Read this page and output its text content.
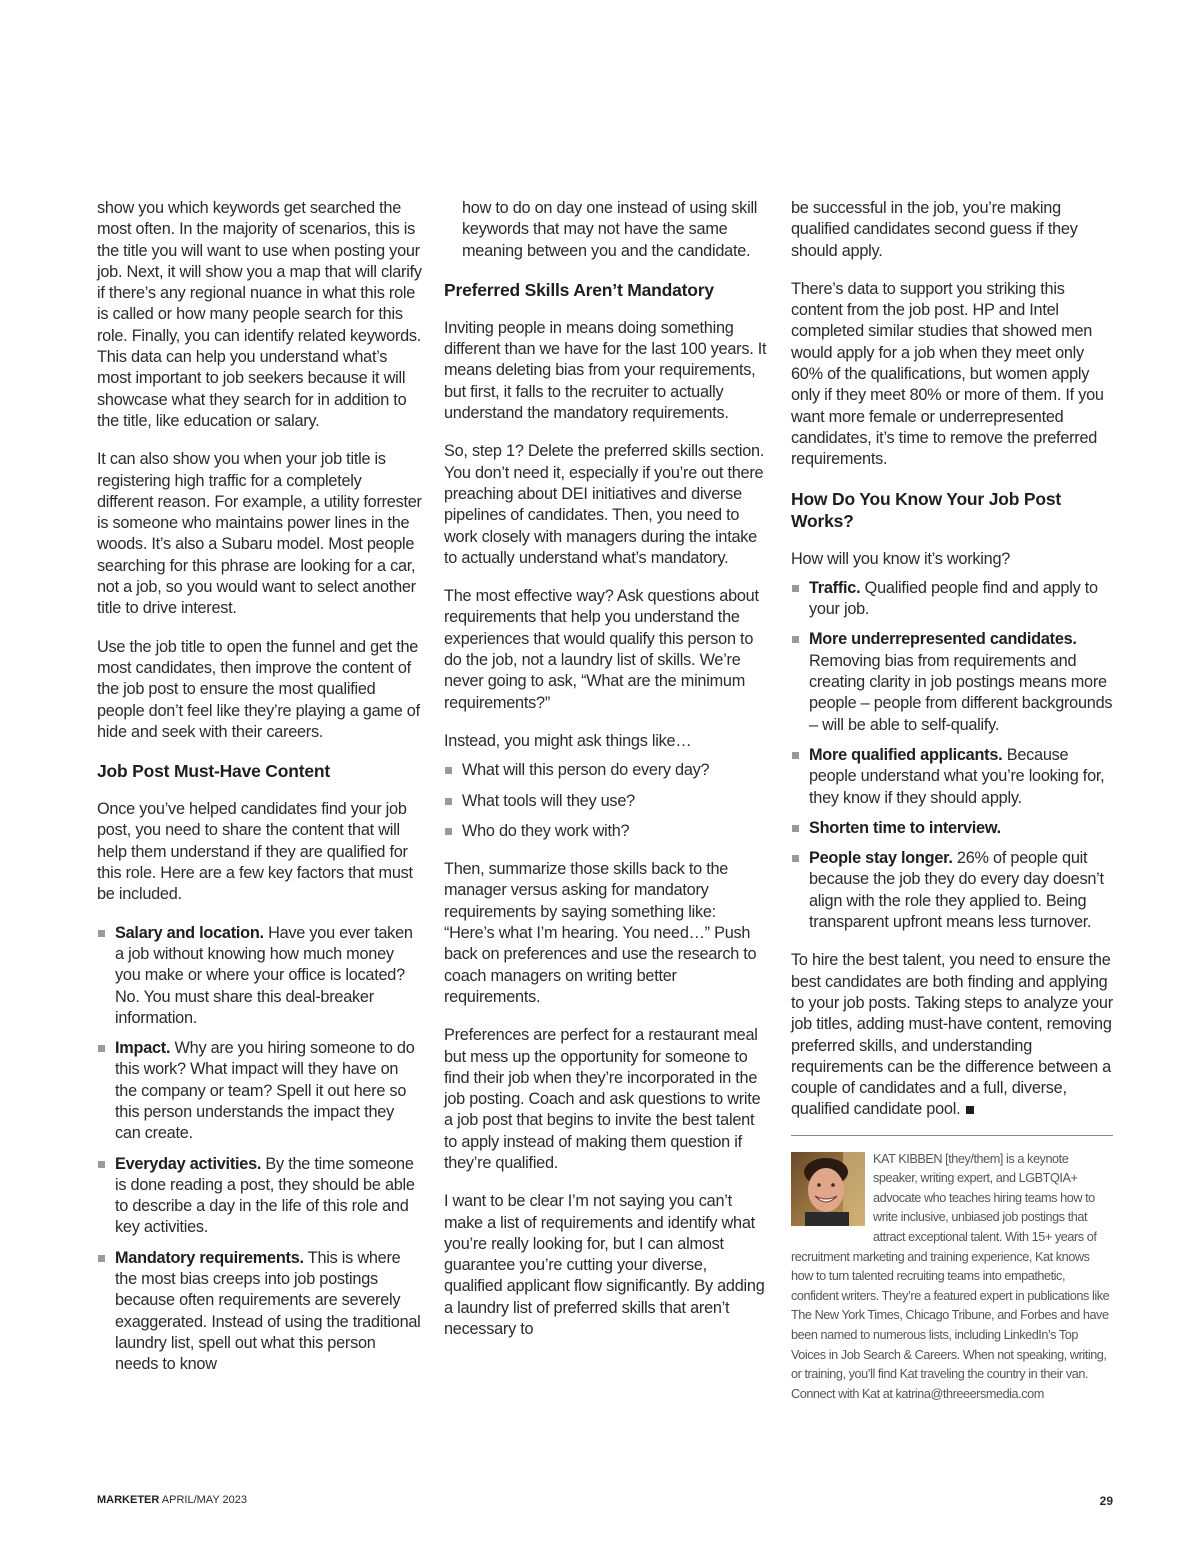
show you which keywords get searched the most often. In the majority of scenarios, this is the title you will want to use when posting your job. Next, it will show you a map that will clarify if there’s any regional nuance in what this role is called or how many people search for this role. Finally, you can identify related keywords. This data can help you understand what’s most important to job seekers because it will showcase what they search for in addition to the title, like education or salary.

It can also show you when your job title is registering high traffic for a completely different reason. For example, a utility forrester is someone who maintains power lines in the woods. It’s also a Subaru model. Most people searching for this phrase are looking for a car, not a job, so you would want to select another title to drive interest.

Use the job title to open the funnel and get the most candidates, then improve the content of the job post to ensure the most qualified people don’t feel like they’re playing a game of hide and seek with their careers.

Job Post Must-Have Content

Once you’ve helped candidates find your job post, you need to share the content that will help them understand if they are qualified for this role. Here are a few key factors that must be included.

Salary and location. Have you ever taken a job without knowing how much money you make or where your office is located? No. You must share this deal-breaker information.
Impact. Why are you hiring someone to do this work? What impact will they have on the company or team? Spell it out here so this person understands the impact they can create.
Everyday activities. By the time someone is done reading a post, they should be able to describe a day in the life of this role and key activities.
Mandatory requirements. This is where the most bias creeps into job postings because often requirements are severely exaggerated. Instead of using the traditional laundry list, spell out what this person needs to know

how to do on day one instead of using skill keywords that may not have the same meaning between you and the candidate.

Preferred Skills Aren’t Mandatory

Inviting people in means doing something different than we have for the last 100 years. It means deleting bias from your requirements, but first, it falls to the recruiter to actually understand the mandatory requirements.

So, step 1? Delete the preferred skills section. You don’t need it, especially if you’re out there preaching about DEI initiatives and diverse pipelines of candidates. Then, you need to work closely with managers during the intake to actually understand what’s mandatory.

The most effective way? Ask questions about requirements that help you understand the experiences that would qualify this person to do the job, not a laundry list of skills. We’re never going to ask, “What are the minimum requirements?”

Instead, you might ask things like…

What will this person do every day?
What tools will they use?
Who do they work with?

Then, summarize those skills back to the manager versus asking for mandatory requirements by saying something like: “Here’s what I’m hearing. You need…” Push back on preferences and use the research to coach managers on writing better requirements.

Preferences are perfect for a restaurant meal but mess up the opportunity for someone to find their job when they’re incorporated in the job posting. Coach and ask questions to write a job post that begins to invite the best talent to apply instead of making them question if they’re qualified.

I want to be clear I’m not saying you can’t make a list of requirements and identify what you’re really looking for, but I can almost guarantee you’re cutting your diverse, qualified applicant flow significantly. By adding a laundry list of preferred skills that aren’t necessary to

be successful in the job, you’re making qualified candidates second guess if they should apply.

There’s data to support you striking this content from the job post. HP and Intel completed similar studies that showed men would apply for a job when they meet only 60% of the qualifications, but women apply only if they meet 80% or more of them. If you want more female or underrepresented candidates, it’s time to remove the preferred requirements.

How Do You Know Your Job Post Works?

How will you know it’s working?

Traffic. Qualified people find and apply to your job.
More underrepresented candidates. Removing bias from requirements and creating clarity in job postings means more people – people from different backgrounds – will be able to self-qualify.
More qualified applicants. Because people understand what you’re looking for, they know if they should apply.
Shorten time to interview.
People stay longer. 26% of people quit because the job they do every day doesn’t align with the role they applied to. Being transparent upfront means less turnover.

To hire the best talent, you need to ensure the best candidates are both finding and applying to your job posts. Taking steps to analyze your job titles, adding must-have content, removing preferred skills, and understanding requirements can be the difference between a couple of candidates and a full, diverse, qualified candidate pool.

KAT KIBBEN [they/them] is a keynote speaker, writing expert, and LGBTQIA+ advocate who teaches hiring teams how to write inclusive, unbiased job postings that attract exceptional talent. With 15+ years of recruitment marketing and training experience, Kat knows how to turn talented recruiting teams into empathetic, confident writers. They’re a featured expert in publications like The New York Times, Chicago Tribune, and Forbes and have been named to numerous lists, including LinkedIn’s Top Voices in Job Search & Careers. When not speaking, writing, or training, you’ll find Kat traveling the country in their van. Connect with Kat at katrina@threeersmedia.com
MARKETER APRIL/MAY 2023	29
